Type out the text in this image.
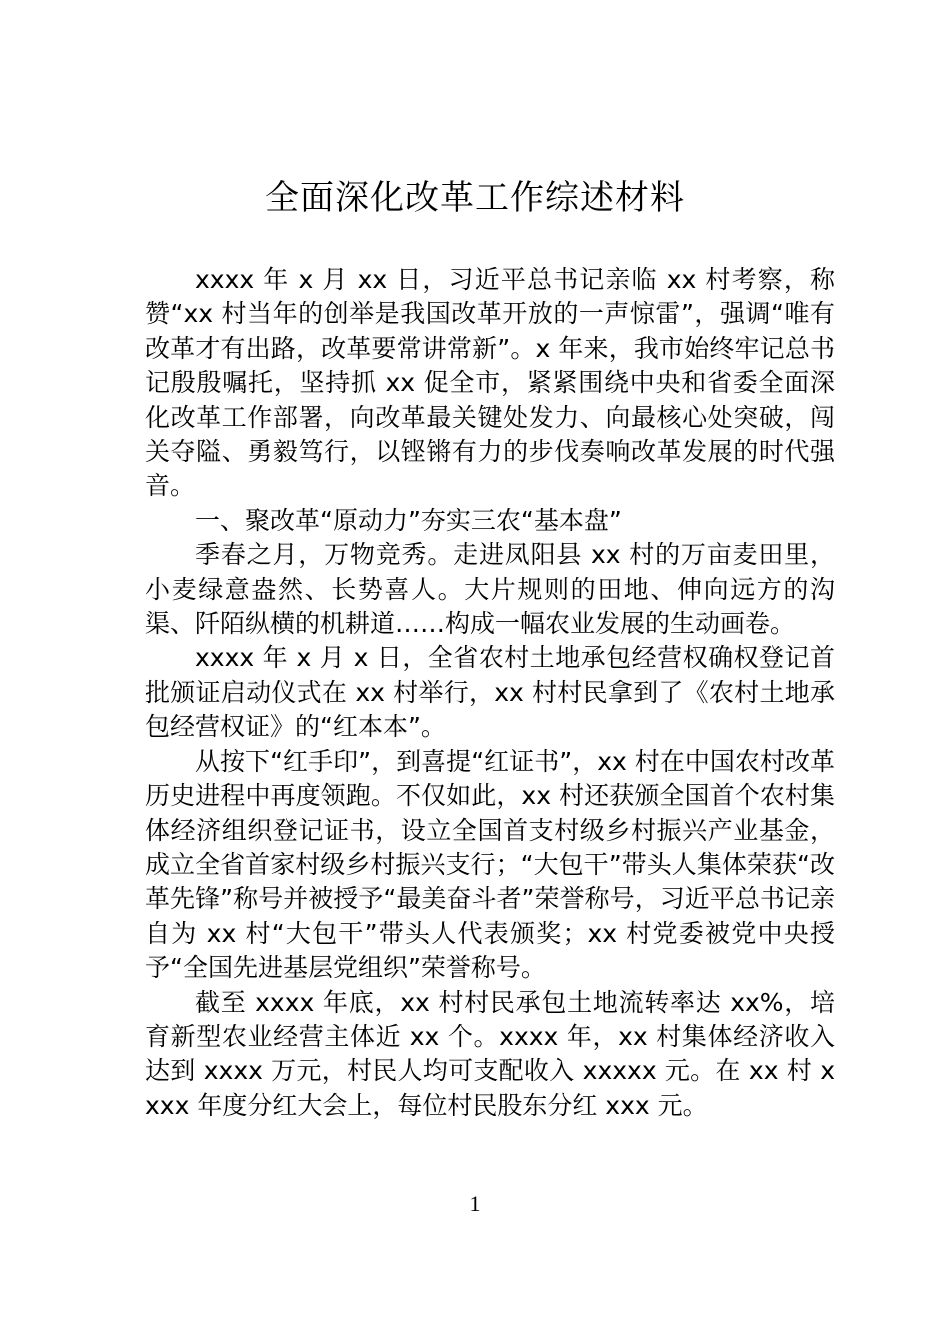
全面深化改革工作综述材料

xxxx 年 x 月 xx 日，习近平总书记亲临 xx 村考察，称赞“xx 村当年的创举是我国改革开放的一声惊雷”，强调“唯有改革才有出路，改革要常讲常新”。x 年来，我市始终牢记总书记殷殷嘱托，坚持抓 xx 促全市，紧紧围绕中央和省委全面深化改革工作部署，向改革最关键处发力、向最核心处突破，闯关夺隘、勇毅笃行，以铿锵有力的步伐奏响改革发展的时代强音。

一、聚改革“原动力”夯实三农“基本盘”

季春之月，万物竞秀。走进凤阳县 xx 村的万亩麦田里，小麦绿意盎然、长势喜人。大片规则的田地、伸向远方的沟渠、阡陌纵横的机耕道……构成一幅农业发展的生动画卷。

xxxx 年 x 月 x 日，全省农村土地承包经营权确权登记首批颁证启动仪式在 xx 村举行，xx 村村民拿到了《农村土地承包经营权证》的“红本本”。

从按下“红手印”，到喜提“红证书”，xx 村在中国农村改革历史进程中再度领跑。不仅如此，xx 村还获颁全国首个农村集体经济组织登记证书，设立全国首支村级乡村振兴产业基金，成立全省首家村级乡村振兴支行；“大包干”带头人集体荣获“改革先锋”称号并被授予“最美奋斗者”荣誉称号，习近平总书记亲自为 xx 村“大包干”带头人代表颁奖；xx 村党委被党中央授予“全国先进基层党组织”荣誉称号。

截至 xxxx 年底，xx 村村民承包土地流转率达 xx%，培育新型农业经营主体近 xx 个。xxxx 年，xx 村集体经济收入达到 xxxx 万元，村民人均可支配收入 xxxxx 元。在 xx 村 xxxx 年度分红大会上，每位村民股东分红 xxx 元。

1
